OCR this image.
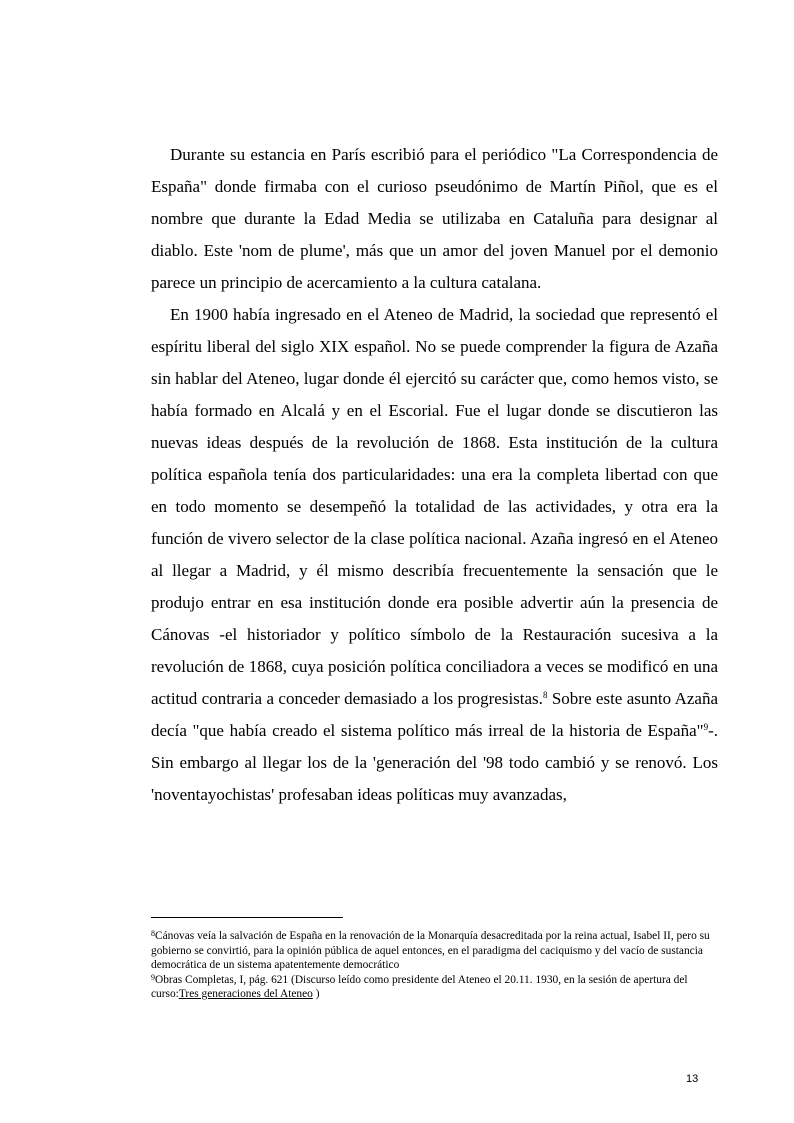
Durante su estancia en París escribió para el periódico "La Correspondencia de España" donde firmaba con el curioso pseudónimo de Martín Piñol, que es el nombre que durante la Edad Media se utilizaba en Cataluña para designar al diablo. Este 'nom de plume', más que un amor del joven Manuel por el demonio parece un principio de acercamiento a la cultura catalana.

En 1900 había ingresado en el Ateneo de Madrid, la sociedad que representó el espíritu liberal del siglo XIX español. No se puede comprender la figura de Azaña sin hablar del Ateneo, lugar donde él ejercitó su carácter que, como hemos visto, se había formado en Alcalá y en el Escorial. Fue el lugar donde se discutieron las nuevas ideas después de la revolución de 1868. Esta institución de la cultura política española tenía dos particularidades: una era la completa libertad con que en todo momento se desempeñó la totalidad de las actividades, y otra era la función de vivero selector de la clase política nacional. Azaña ingresó en el Ateneo al llegar a Madrid, y él mismo describía frecuentemente la sensación que le produjo entrar en esa institución donde era posible advertir aún la presencia de Cánovas -el historiador y político símbolo de la Restauración sucesiva a la revolución de 1868, cuya posición política conciliadora a veces se modificó en una actitud contraria a conceder demasiado a los progresistas.$^8$ Sobre este asunto Azaña decía "que había creado el sistema político más irreal de la historia de España"$^9$-. Sin embargo al llegar los de la 'generación del '98 todo cambió y se renovó. Los 'noventayochistas' profesaban ideas políticas muy avanzadas,

$^8$Cánovas veía la salvación de España en la renovación de la Monarquía desacreditada por la reina actual, Isabel II, pero su gobierno se convirtió, para la opinión pública de aquel entonces, en el paradigma del caciquismo y del vacío de sustancia democrática de un sistema apatentemente democrático

$^9$Obras Completas, I, pág. 621 (Discurso leído como presidente del Ateneo el 20.11. 1930, en la sesión de apertura del curso:Tres generaciones del Ateneo )

13
